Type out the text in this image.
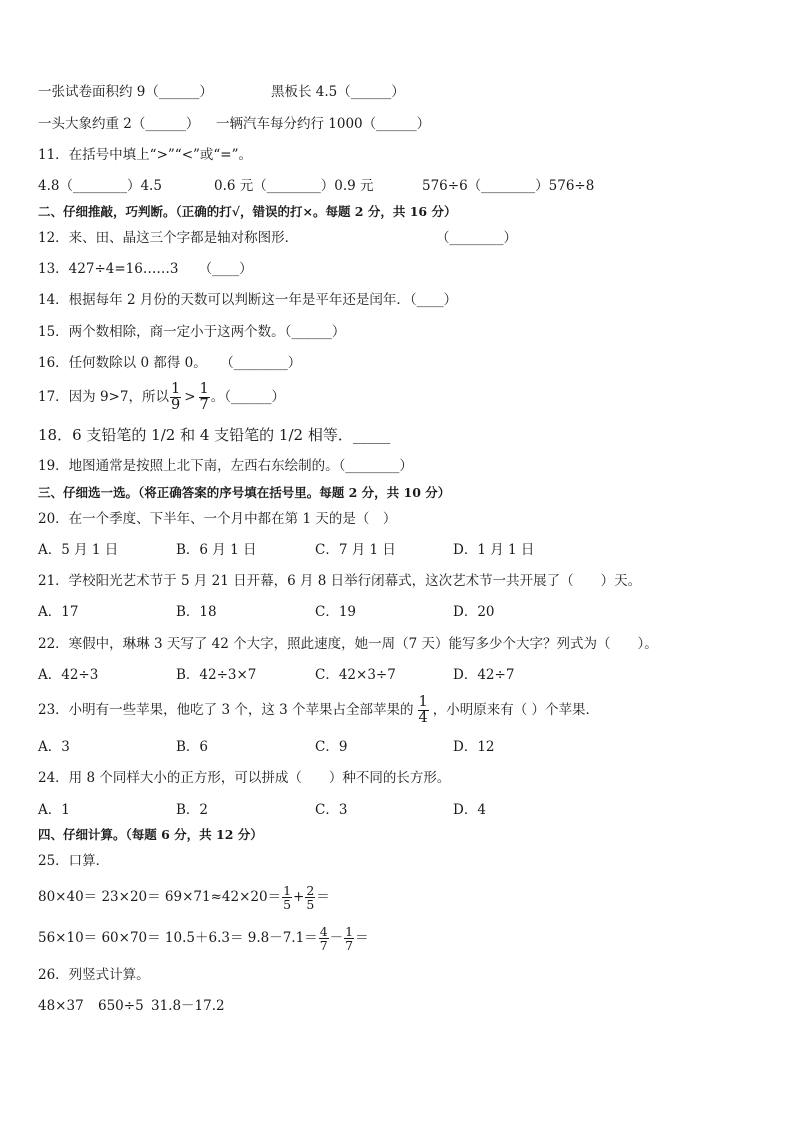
一张试卷面积约 9（______）	黑板长 4.5（______）
一头大象约重 2（______） 一辆汽车每分约行 1000（______）
11．在括号中填上“>”“<”或“=”。
4.8（________）4.5	0.6 元（________）0.9 元	576÷6（________）576÷8
二、仔细推敲，巧判断。（正确的打√，错误的打×。每题 2 分，共 16 分）
12．来、田、晶这三个字都是轴对称图形．	（________）
13．427÷4=16……3　　（____）
14．根据每年 2 月份的天数可以判断这一年是平年还是闰年．（____）
15．两个数相除，商一定小于这两个数。（______）
16．任何数除以 0 都得 0。　　（________）
17．因为 9>7，所以 $\frac{1}{9} > \frac{1}{7}$ 。（______）
18．6 支铅笔的 1/2 和 4 支铅笔的 1/2 相等．_____
19．地图通常是按照上北下南，左西右东绘制的。（________）
三、仔细选一选。（将正确答案的序号填在括号里。每题 2 分，共 10 分）
20．在一个季度、下半年、一个月中都在第 1 天的是（　）
A．5 月 1 日	B．6 月 1 日	C．7 月 1 日	D．1 月 1 日
21．学校阳光艺术节于 5 月 21 日开幕，6 月 8 日举行闭幕式，这次艺术节一共开展了（　　）天。
A．17	B．18	C．19	D．20
22．寒假中，琳琳 3 天写了 42 个大字，照此速度，她一周（7 天）能写多少个大字？列式为（　　）。
A．42÷3	B．42÷3×7	C．42×3÷7	D．42÷7
23．小明有一些苹果，他吃了 3 个，这 3 个苹果占全部苹果的 $\frac{1}{4}$ ，小明原来有（ ）个苹果．
A．3	B．6	C．9	D．12
24．用 8 个同样大小的正方形，可以拼成（　　）种不同的长方形。
A．1	B．2	C．3	D．4
四、仔细计算。（每题 6 分，共 12 分）
25．口算．
$80\times 40= 23\times 20= 69\times 71\approx 42\times 20= \frac{1}{5} + \frac{2}{5}$ ＝
$56\times 10= 60\times 70= 10.5+6.3= 9.8-7.1= \frac{4}{7} - \frac{1}{7}$ ＝
26．列竖式计算。
48×37 650÷5 31.8－17.2
